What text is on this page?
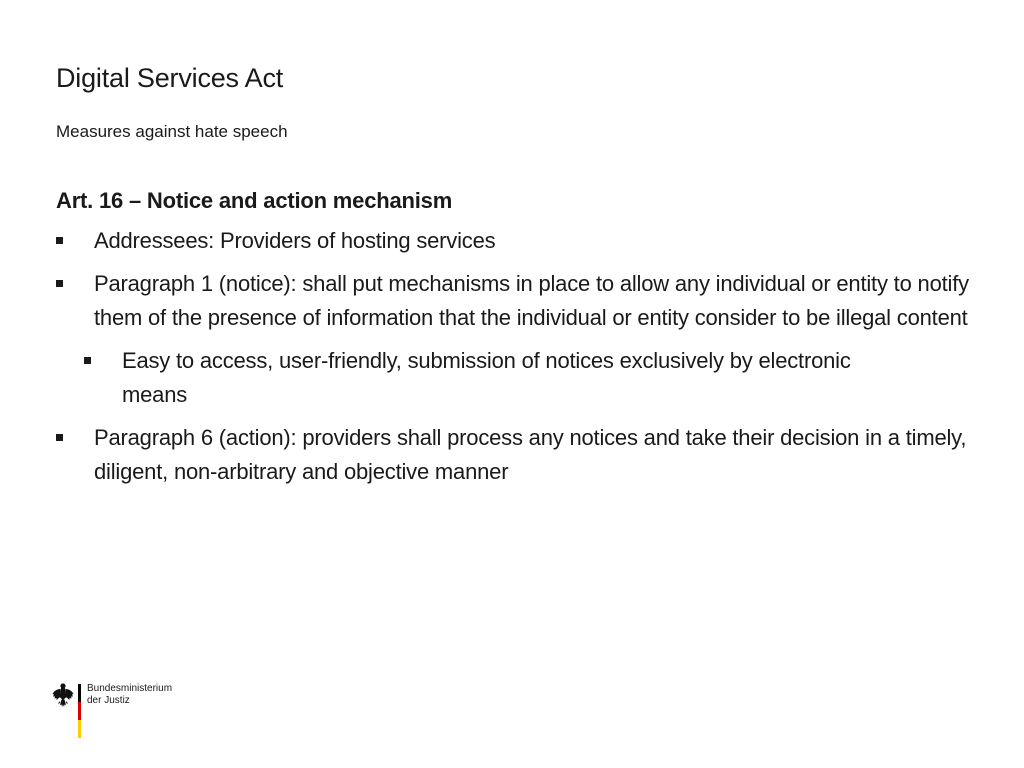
Digital Services Act

Measures against hate speech

Art. 16 – Notice and action mechanism

Addressees: Providers of hosting services
Paragraph 1 (notice): shall put mechanisms in place to allow any individual or entity to notify them of the presence of information that the individual or entity consider to be illegal content
Easy to access, user-friendly, submission of notices exclusively by electronic means
Paragraph 6 (action): providers shall process any notices and take their decision in a timely, diligent, non-arbitrary and objective manner
Bundesministerium
der Justiz
